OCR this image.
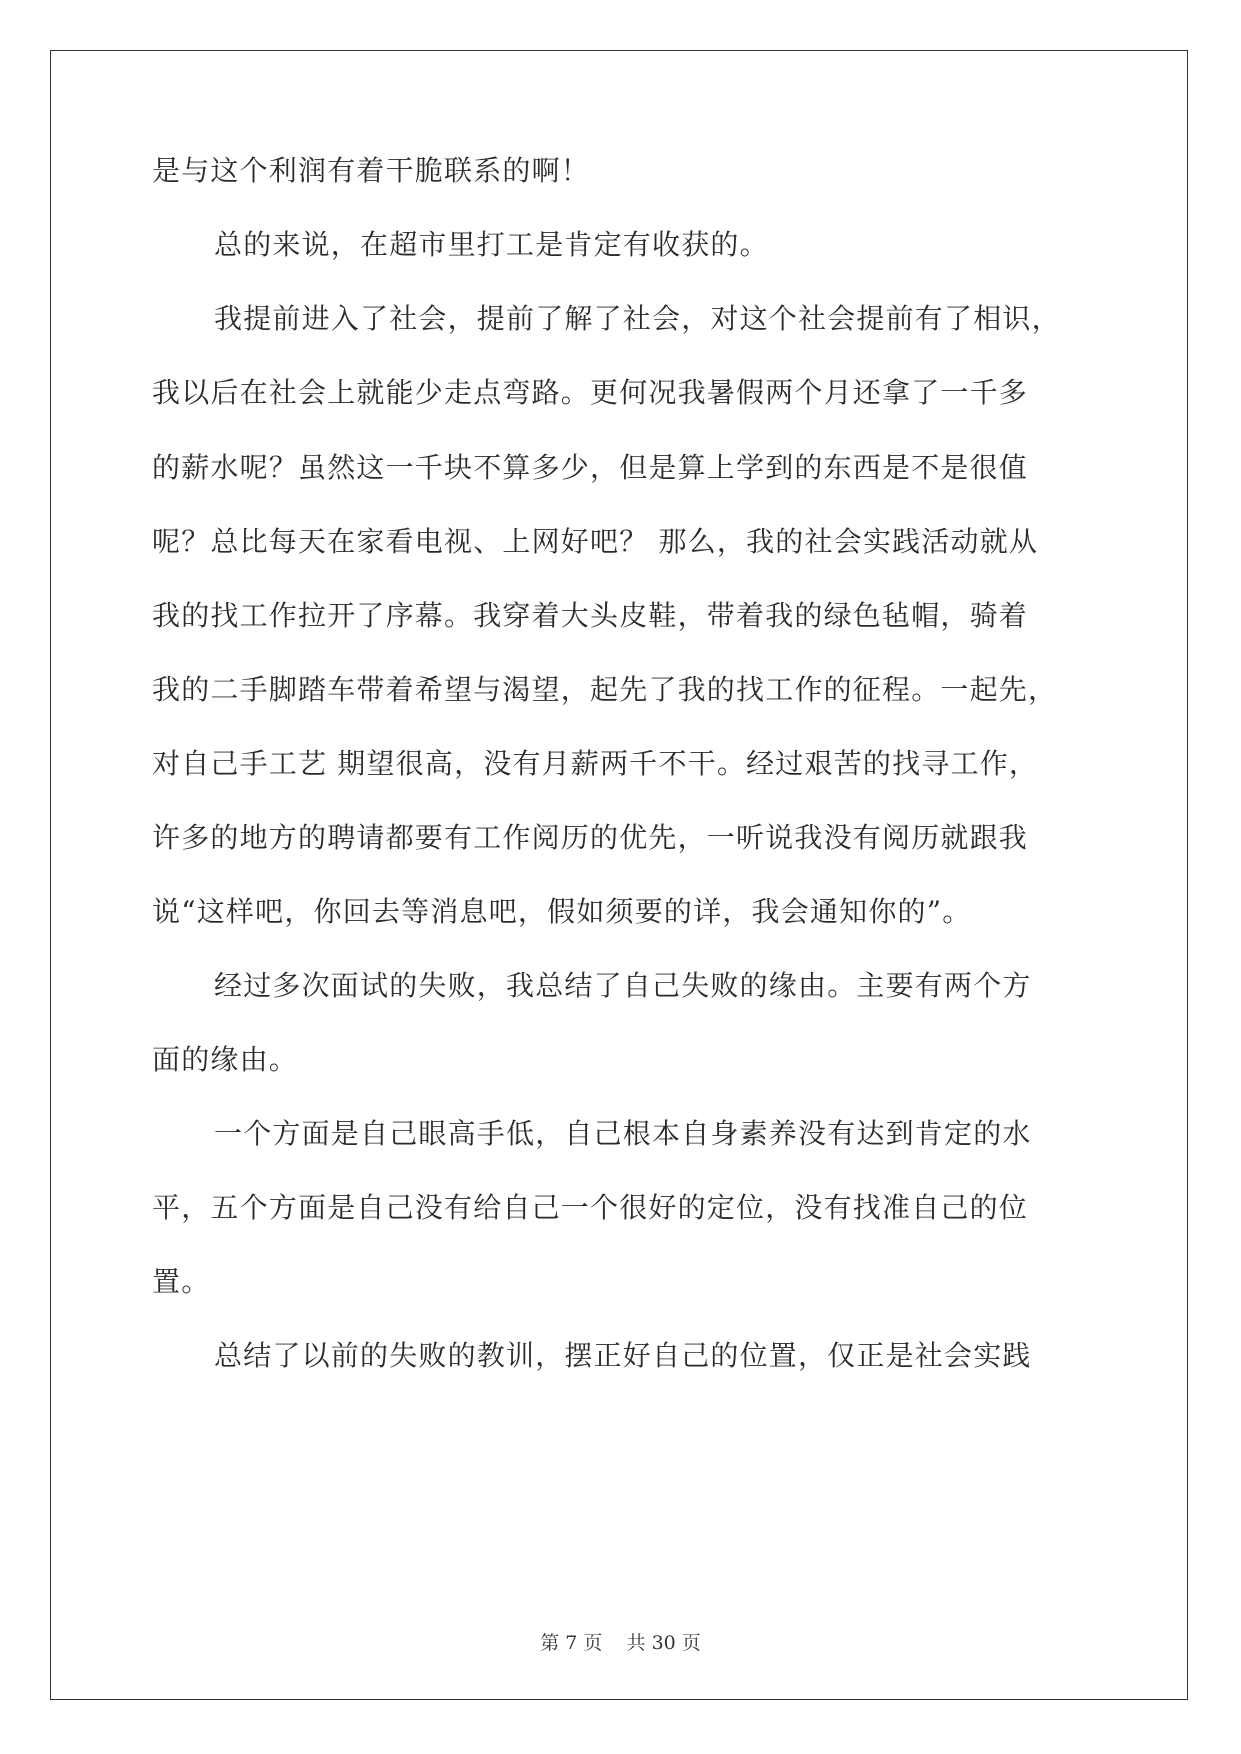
是与这个利润有着干脆联系的啊！
总的来说，在超市里打工是肯定有收获的。
我提前进入了社会，提前了解了社会，对这个社会提前有了相识，
我以后在社会上就能少走点弯路。更何况我暑假两个月还拿了一千多
的薪水呢？虽然这一千块不算多少，但是算上学到的东西是不是很值
呢？总比每天在家看电视、上网好吧？ 那么，我的社会实践活动就从
我的找工作拉开了序幕。我穿着大头皮鞋，带着我的绿色毡帽，骑着
我的二手脚踏车带着希望与渴望，起先了我的找工作的征程。一起先，
对自己手工艺 期望很高，没有月薪两千不干。经过艰苦的找寻工作，
许多的地方的聘请都要有工作阅历的优先，一听说我没有阅历就跟我
说“这样吧，你回去等消息吧，假如须要的详，我会通知你的”。
经过多次面试的失败，我总结了自己失败的缘由。主要有两个方
面的缘由。
一个方面是自己眼高手低，自己根本自身素养没有达到肯定的水
平，五个方面是自己没有给自己一个很好的定位，没有找准自己的位
置。
总结了以前的失败的教训，摆正好自己的位置，仅正是社会实践
第 7 页    共 30 页
